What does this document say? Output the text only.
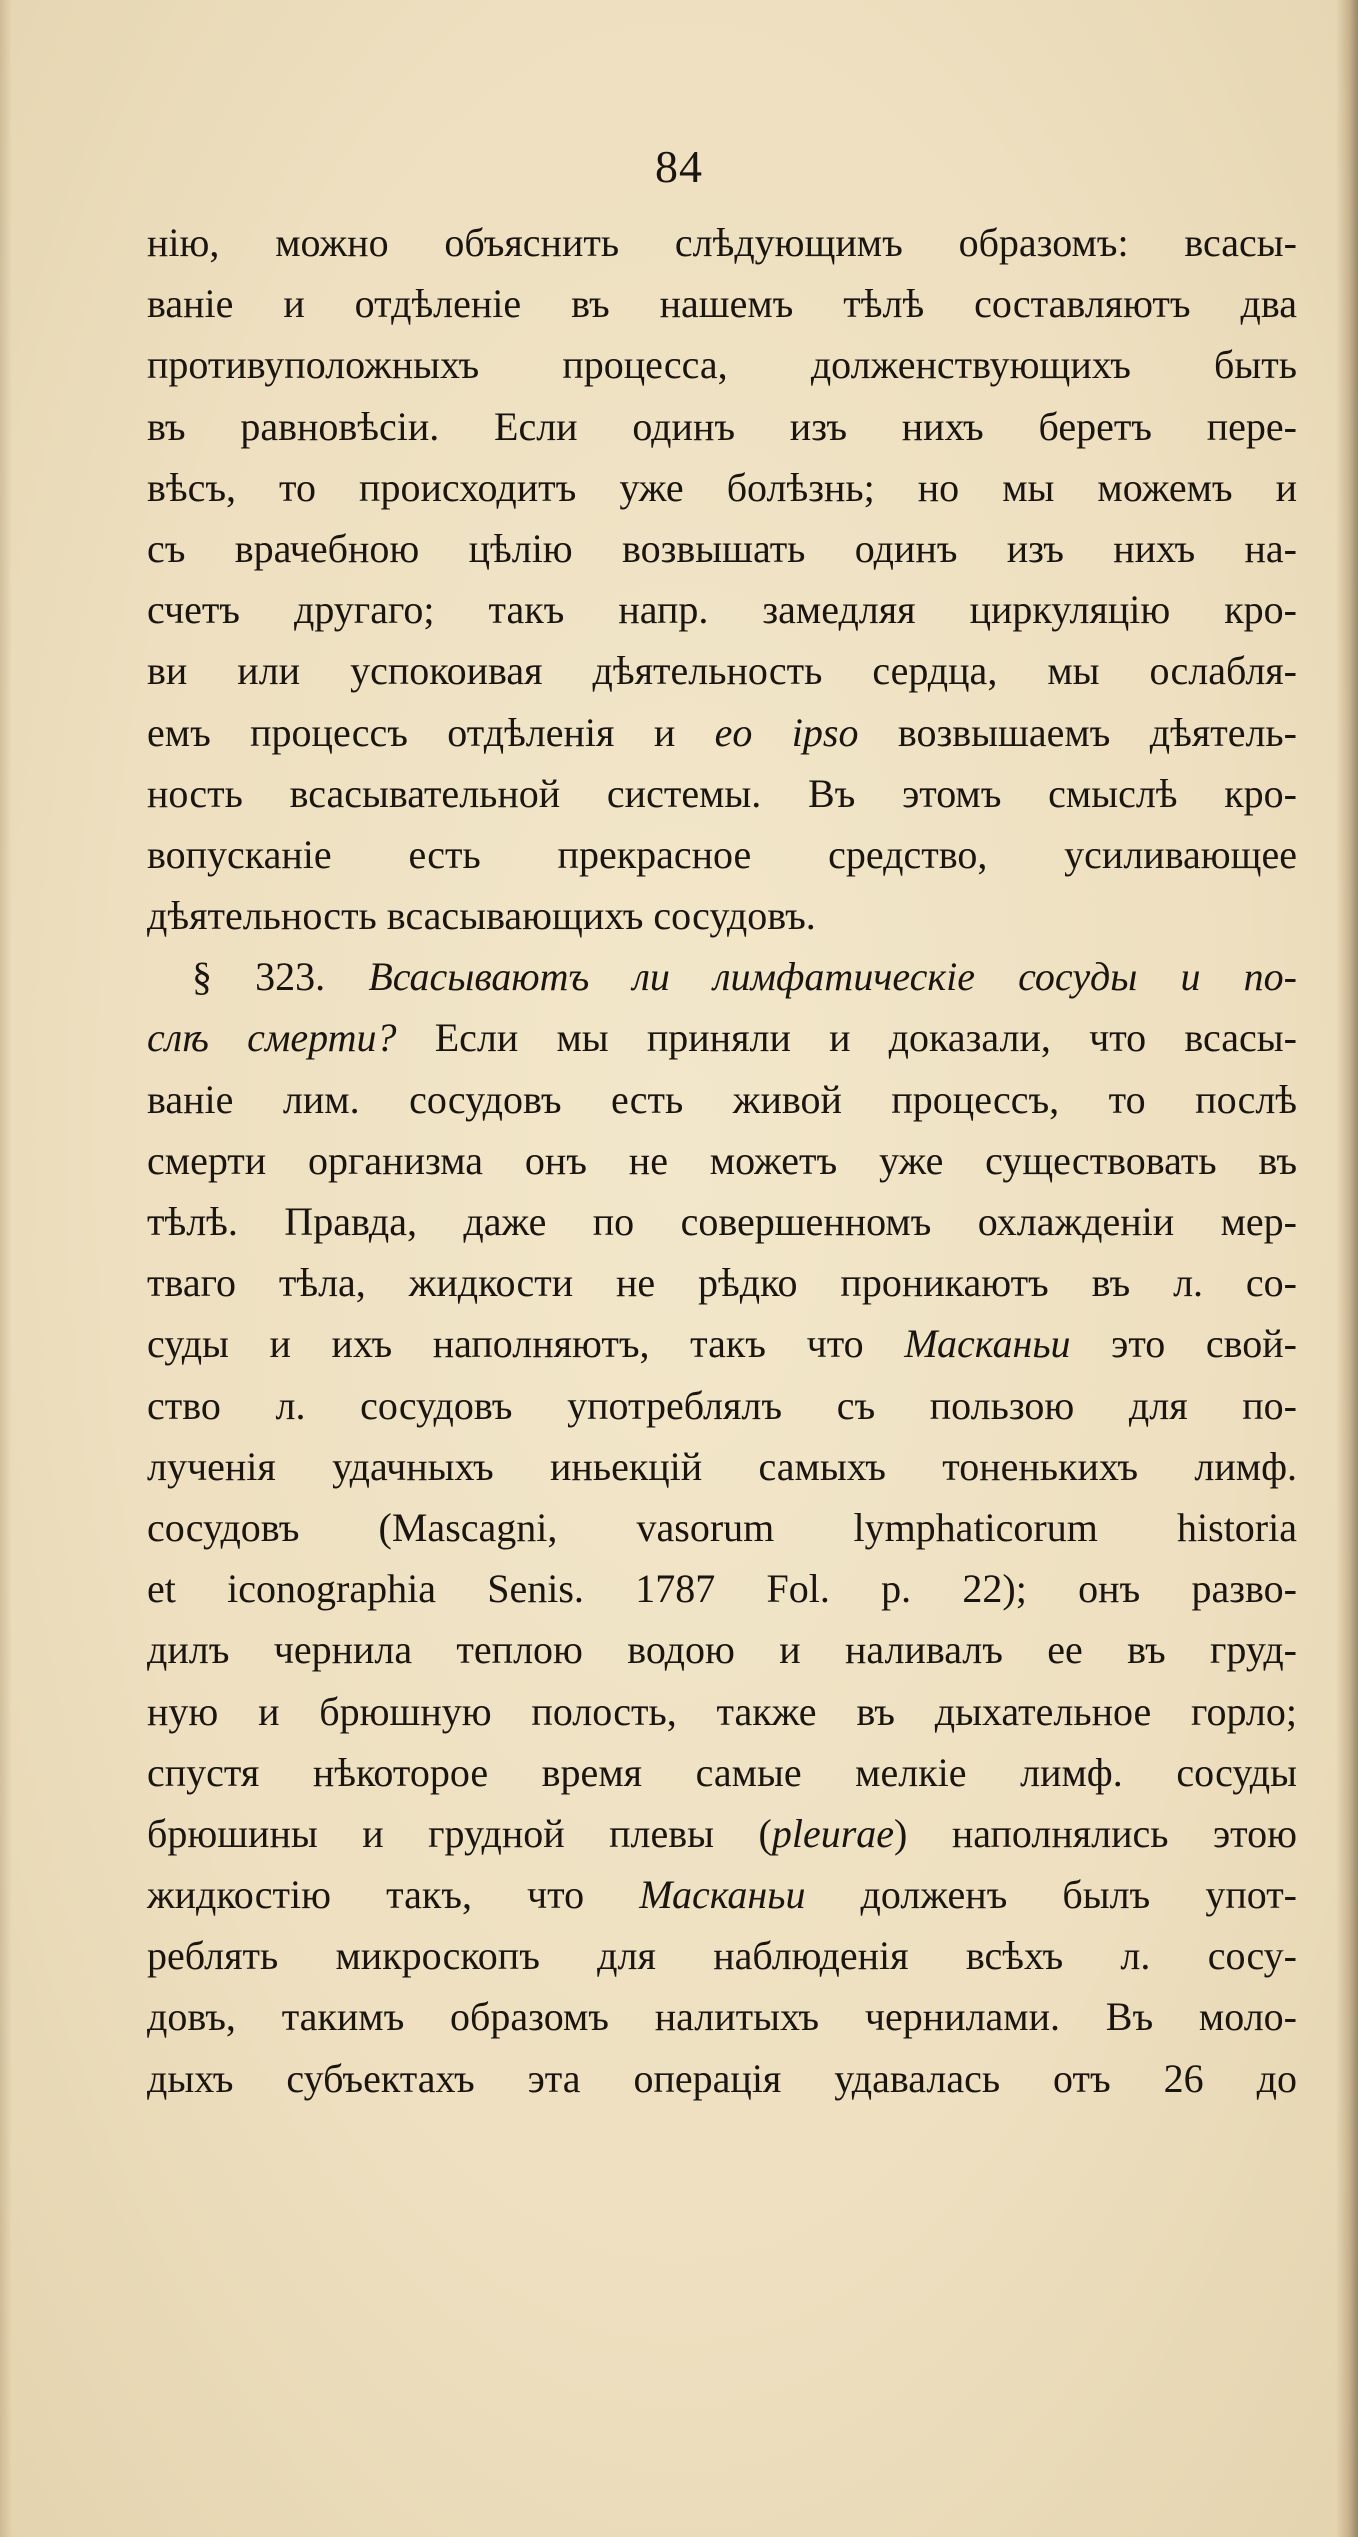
84
нію, можно объяснить слѣдующимъ образомъ: всасы-
ваніе и отдѣленіе въ нашемъ тѣлѣ составляютъ два
противуположныхъ процесса, долженствующихъ быть
въ равновѣсіи. Если одинъ изъ нихъ беретъ пере-
вѣсъ, то происходитъ уже болѣзнь; но мы можемъ и
съ врачебною цѣлію возвышать одинъ изъ нихъ на-
счетъ другаго; такъ напр. замедляя циркуляцію кро-
ви или успокоивая дѣятельность сердца, мы ослабля-
емъ процессъ отдѣленія и eo ipso возвышаемъ дѣятель-
ность всасывательной системы. Въ этомъ смыслѣ кро-
вопусканіе есть прекрасное средство, усиливающее
дѣятельность всасывающихъ сосудовъ.
§ 323. Всасываютъ ли лимфатическіе сосуды и по-
слѣ смерти? Если мы приняли и доказали, что всасы-
ваніе лим. сосудовъ есть живой процессъ, то послѣ
смерти организма онъ не можетъ уже существовать въ
тѣлѣ. Правда, даже по совершенномъ охлажденіи мер-
тваго тѣла, жидкости не рѣдко проникаютъ въ л. со-
суды и ихъ наполняютъ, такъ что Масканьи это свой-
ство л. сосудовъ употреблялъ съ пользою для по-
лученія удачныхъ иньекцій самыхъ тоненькихъ лимф.
сосудовъ (Mascagni, vasorum lymphaticorum historia
et iconographia Senis. 1787 Fol. p. 22); онъ разво-
дилъ чернила теплою водою и наливалъ ее въ груд-
ную и брюшную полость, также въ дыхательное горло;
спустя нѣкоторое время самые мелкіе лимф. сосуды
брюшины и грудной плевы (pleurae) наполнялись этою
жидкостію такъ, что Масканьи долженъ былъ упот-
реблять микроскопъ для наблюденія всѣхъ л. сосу-
довъ, такимъ образомъ налитыхъ чернилами. Въ моло-
дыхъ субъектахъ эта операція удавалась отъ 26 до
